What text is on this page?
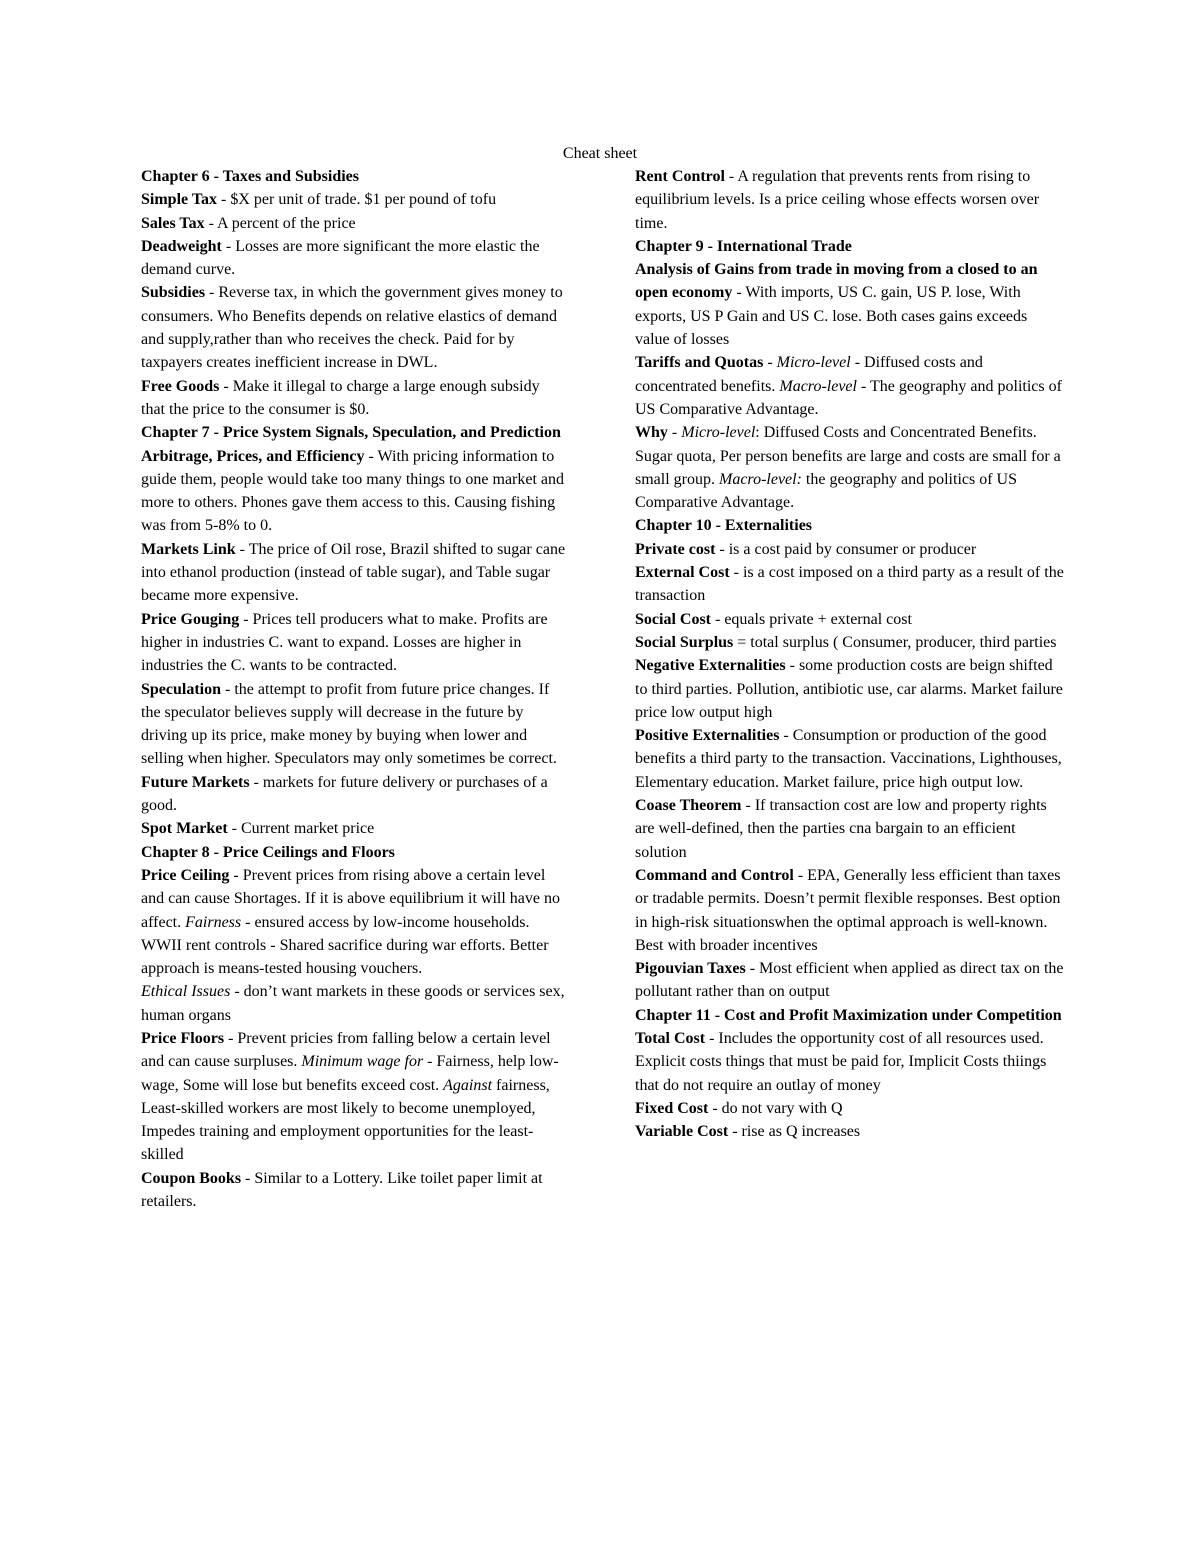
Cheat sheet
Chapter 6 - Taxes and Subsidies
Simple Tax - $X per unit of trade. $1 per pound of tofu
Sales Tax - A percent of the price
Deadweight - Losses are more significant the more elastic the demand curve.
Subsidies - Reverse tax, in which the government gives money to consumers. Who Benefits depends on relative elastics of demand and supply,rather than who receives the check. Paid for by taxpayers creates inefficient increase in DWL.
Free Goods - Make it illegal to charge a large enough subsidy that the price to the consumer is $0.
Chapter 7 - Price System Signals, Speculation, and Prediction
Arbitrage, Prices, and Efficiency - With pricing information to guide them, people would take too many things to one market and more to others. Phones gave them access to this. Causing fishing was from 5-8% to 0.
Markets Link - The price of Oil rose, Brazil shifted to sugar cane into ethanol production (instead of table sugar), and Table sugar became more expensive.
Price Gouging - Prices tell producers what to make. Profits are higher in industries C. want to expand. Losses are higher in industries the C. wants to be contracted.
Speculation - the attempt to profit from future price changes. If the speculator believes supply will decrease in the future by driving up its price, make money by buying when lower and selling when higher. Speculators may only sometimes be correct.
Future Markets - markets for future delivery or purchases of a good.
Spot Market - Current market price
Chapter 8 - Price Ceilings and Floors
Price Ceiling - Prevent prices from rising above a certain level and can cause Shortages. If it is above equilibrium it will have no affect. Fairness - ensured access by low-income households. WWII rent controls - Shared sacrifice during war efforts. Better approach is means-tested housing vouchers.
Ethical Issues - don’t want markets in these goods or services sex, human organs
Price Floors - Prevent pricies from falling below a certain level and can cause surpluses. Minimum wage for - Fairness, help low-wage, Some will lose but benefits exceed cost. Against fairness, Least-skilled workers are most likely to become unemployed, Impedes training and employment opportunities for the least-skilled
Coupon Books - Similar to a Lottery. Like toilet paper limit at retailers.
Rent Control - A regulation that prevents rents from rising to equilibrium levels. Is a price ceiling whose effects worsen over time.
Chapter 9 - International Trade
Analysis of Gains from trade in moving from a closed to an open economy - With imports, US C. gain, US P. lose, With exports, US P Gain and US C. lose. Both cases gains exceeds value of losses
Tariffs and Quotas - Micro-level - Diffused costs and concentrated benefits. Macro-level - The geography and politics of US Comparative Advantage.
Why - Micro-level: Diffused Costs and Concentrated Benefits. Sugar quota, Per person benefits are large and costs are small for a small group. Macro-level: the geography and politics of US Comparative Advantage.
Chapter 10 - Externalities
Private cost - is a cost paid by consumer or producer
External Cost - is a cost imposed on a third party as a result of the transaction
Social Cost - equals private + external cost
Social Surplus = total surplus ( Consumer, producer, third parties
Negative Externalities - some production costs are beign shifted to third parties. Pollution, antibiotic use, car alarms. Market failure price low output high
Positive Externalities - Consumption or production of the good benefits a third party to the transaction. Vaccinations, Lighthouses, Elementary education. Market failure, price high output low.
Coase Theorem - If transaction cost are low and property rights are well-defined, then the parties cna bargain to an efficient solution
Command and Control - EPA, Generally less efficient than taxes or tradable permits. Doesn’t permit flexible responses. Best option in high-risk situationswhen the optimal approach is well-known. Best with broader incentives
Pigouvian Taxes - Most efficient when applied as direct tax on the pollutant rather than on output
Chapter 11 - Cost and Profit Maximization under Competition
Total Cost - Includes the opportunity cost of all resources used. Explicit costs things that must be paid for, Implicit Costs thiings that do not require an outlay of money
Fixed Cost - do not vary with Q
Variable Cost - rise as Q increases
